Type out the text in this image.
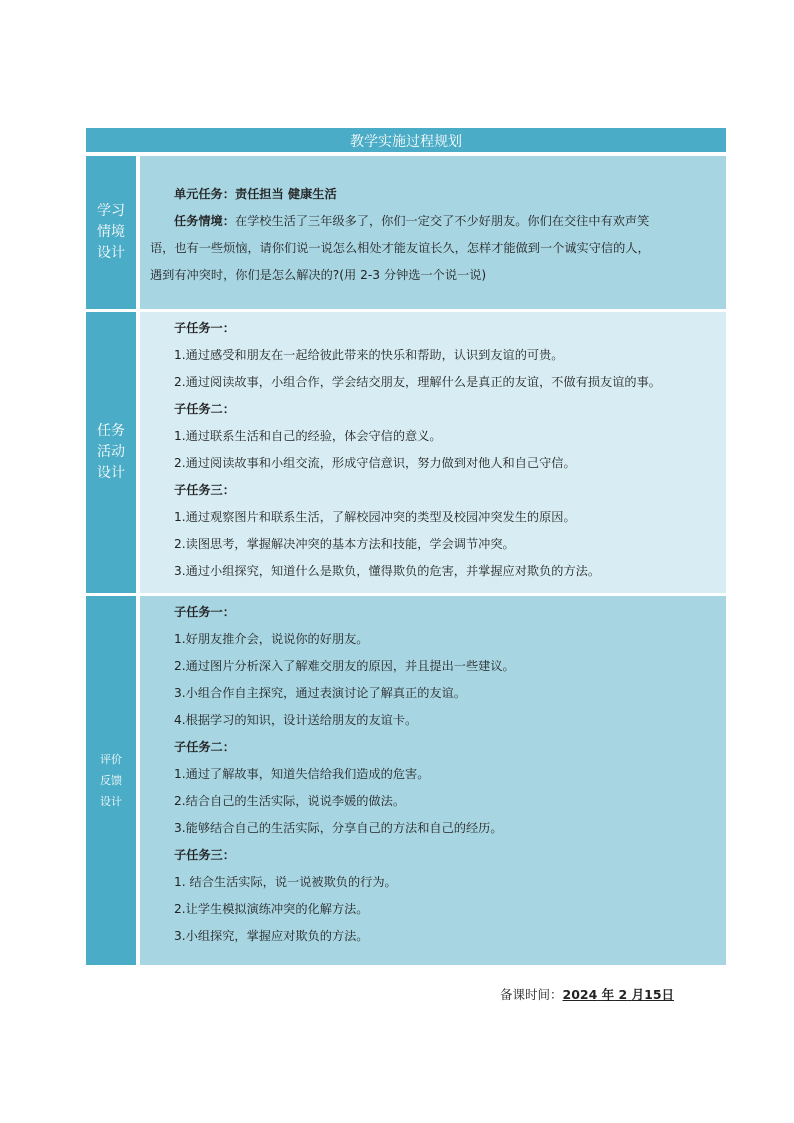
教学实施过程规划
学习
情境
设计
单元任务：责任担当 健康生活
任务情境：在学校生活了三年级多了，你们一定交了不少好朋友。你们在交往中有欢声笑
语，也有一些烦恼，请你们说一说怎么相处才能友谊长久，怎样才能做到一个诚实守信的人，
遇到有冲突时，你们是怎么解决的?(用 2-3 分钟选一个说一说)
任务
活动
设计
子任务一：
1.通过感受和朋友在一起给彼此带来的快乐和帮助，认识到友谊的可贵。
2.通过阅读故事，小组合作，学会结交朋友，理解什么是真正的友谊，不做有损友谊的事。
子任务二：
1.通过联系生活和自己的经验，体会守信的意义。
2.通过阅读故事和小组交流，形成守信意识，努力做到对他人和自己守信。
子任务三：
1.通过观察图片和联系生活，了解校园冲突的类型及校园冲突发生的原因。
2.读图思考，掌握解决冲突的基本方法和技能，学会调节冲突。
3.通过小组探究，知道什么是欺负，懂得欺负的危害，并掌握应对欺负的方法。
评价
反馈
设计
子任务一：
1.好朋友推介会，说说你的好朋友。
2.通过图片分析深入了解难交朋友的原因，并且提出一些建议。
3.小组合作自主探究，通过表演讨论了解真正的友谊。
4.根据学习的知识，设计送给朋友的友谊卡。
子任务二：
1.通过了解故事，知道失信给我们造成的危害。
2.结合自己的生活实际，说说李媛的做法。
3.能够结合自己的生活实际，分享自己的方法和自己的经历。
子任务三：
1. 结合生活实际，说一说被欺负的行为。
2.让学生模拟演练冲突的化解方法。
3.小组探究，掌握应对欺负的方法。
备课时间：2024 年 2 月15日
